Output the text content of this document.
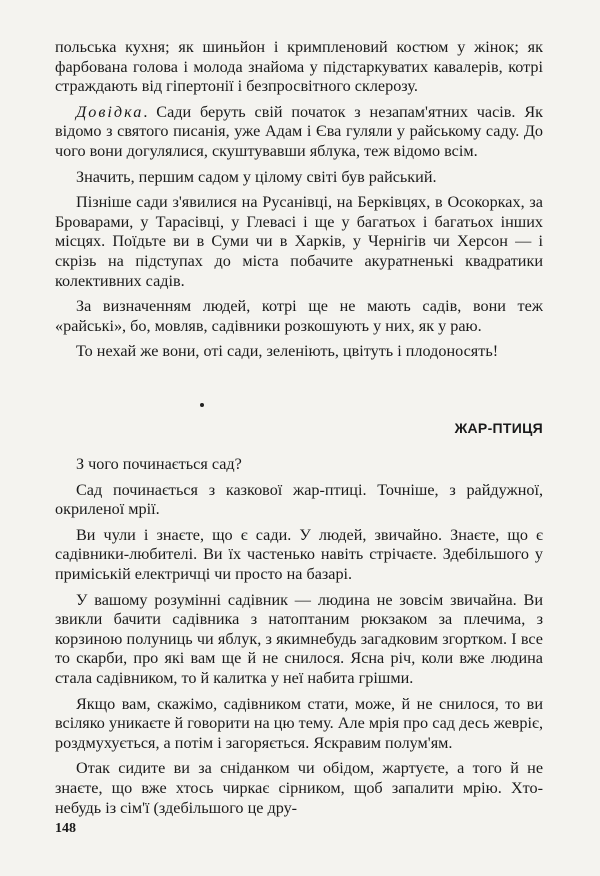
польська кухня; як шиньйон і кримпленовий костюм у жінок; як фарбована голова і молода знайома у підстаркуватих кавалерів, котрі страждають від гіпертонії і безпросвітного склерозу.

Довідка. Сади беруть свій початок з незапам'ятних часів. Як відомо з святого писанія, уже Адам і Єва гуляли у райському саду. До чого вони догулялися, скуштувавши яблука, теж відомо всім.

Значить, першим садом у цілому світі був райський.

Пізніше сади з'явилися на Русанівці, на Берківцях, в Осокорках, за Броварами, у Тарасівці, у Глевасі і ще у багатьох і багатьох інших місцях. Поїдьте ви в Суми чи в Харків, у Чернігів чи Херсон — і скрізь на підступах до міста побачите акуратненькі квадратики колективних садів.

За визначенням людей, котрі ще не мають садів, вони теж «райські», бо, мовляв, садівники розкошують у них, як у раю.

То нехай же вони, оті сади, зеленіють, цвітуть і плодоносять!

ЖАР-ПТИЦЯ

З чого починається сад?

Сад починається з казкової жар-птиці. Точніше, з райдужної, окриленої мрії.

Ви чули і знаєте, що є сади. У людей, звичайно. Знаєте, що є садівники-любителі. Ви їх частенько навіть стрічаєте. Здебільшого у приміській електричці чи просто на базарі.

У вашому розумінні садівник — людина не зовсім звичайна. Ви звикли бачити садівника з натоптаним рюкзаком за плечима, з корзиною полуниць чи яблук, з якимнебудь загадковим згортком. І все то скарби, про які вам ще й не снилося. Ясна річ, коли вже людина стала садівником, то й калитка у неї набита грішми.

Якщо вам, скажімо, садівником стати, може, й не снилося, то ви всіляко уникаєте й говорити на цю тему. Але мрія про сад десь жевріє, роздмухується, а потім і загоряється. Яскравим полум'ям.

Отак сидите ви за сніданком чи обідом, жартуєте, а того й не знаєте, що вже хтось чиркає сірником, щоб запалити мрію. Хто-небудь із сім'ї (здебільшого це дру-

148
